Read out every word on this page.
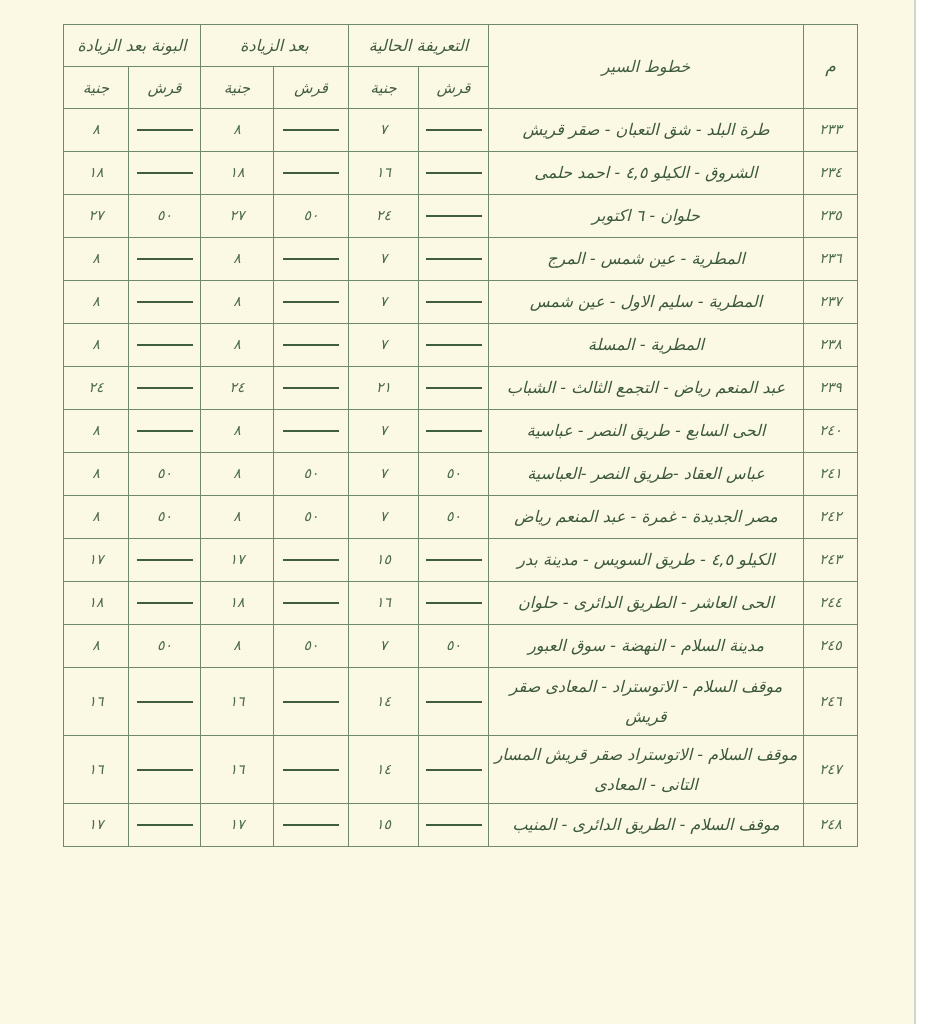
م	خطوط السير	التعريفة الحالية		بعد الزيادة		البونة بعد الزيادة	
		قرش	جنية	قرش	جنية	قرش	جنية
٢٣٣	طرة البلد - شق التعبان - صقر قريش		٧		٨		٨
٢٣٤	الشروق - الكيلو ٤,٥ - احمد حلمى		١٦		١٨		١٨
٢٣٥	حلوان - ٦ اكتوبر		٢٤	٥٠	٢٧	٥٠	٢٧
٢٣٦	المطرية - عين شمس - المرج		٧		٨		٨
٢٣٧	المطرية - سليم الاول - عين شمس		٧		٨		٨
٢٣٨	المطرية - المسلة		٧		٨		٨
٢٣٩	عبد المنعم رياض - التجمع الثالث - الشباب		٢١		٢٤		٢٤
٢٤٠	الحى السابع - طريق النصر - عباسية		٧		٨		٨
٢٤١	عباس العقاد -طريق النصر -العباسية	٥٠	٧	٥٠	٨	٥٠	٨
٢٤٢	مصر الجديدة - غمرة - عبد المنعم رياض	٥٠	٧	٥٠	٨	٥٠	٨
٢٤٣	الكيلو ٤,٥ - طريق السويس - مدينة بدر		١٥		١٧		١٧
٢٤٤	الحى العاشر - الطريق الدائرى - حلوان		١٦		١٨		١٨
٢٤٥	مدينة السلام - النهضة - سوق العبور	٥٠	٧	٥٠	٨	٥٠	٨
٢٤٦	موقف السلام - الاتوستراد - المعادى صقر قريش		١٤		١٦		١٦
٢٤٧	موقف السلام - الاتوستراد صقر قريش المسار التانى - المعادى		١٤		١٦		١٦
٢٤٨	موقف السلام - الطريق الدائرى - المنيب		١٥		١٧		١٧
